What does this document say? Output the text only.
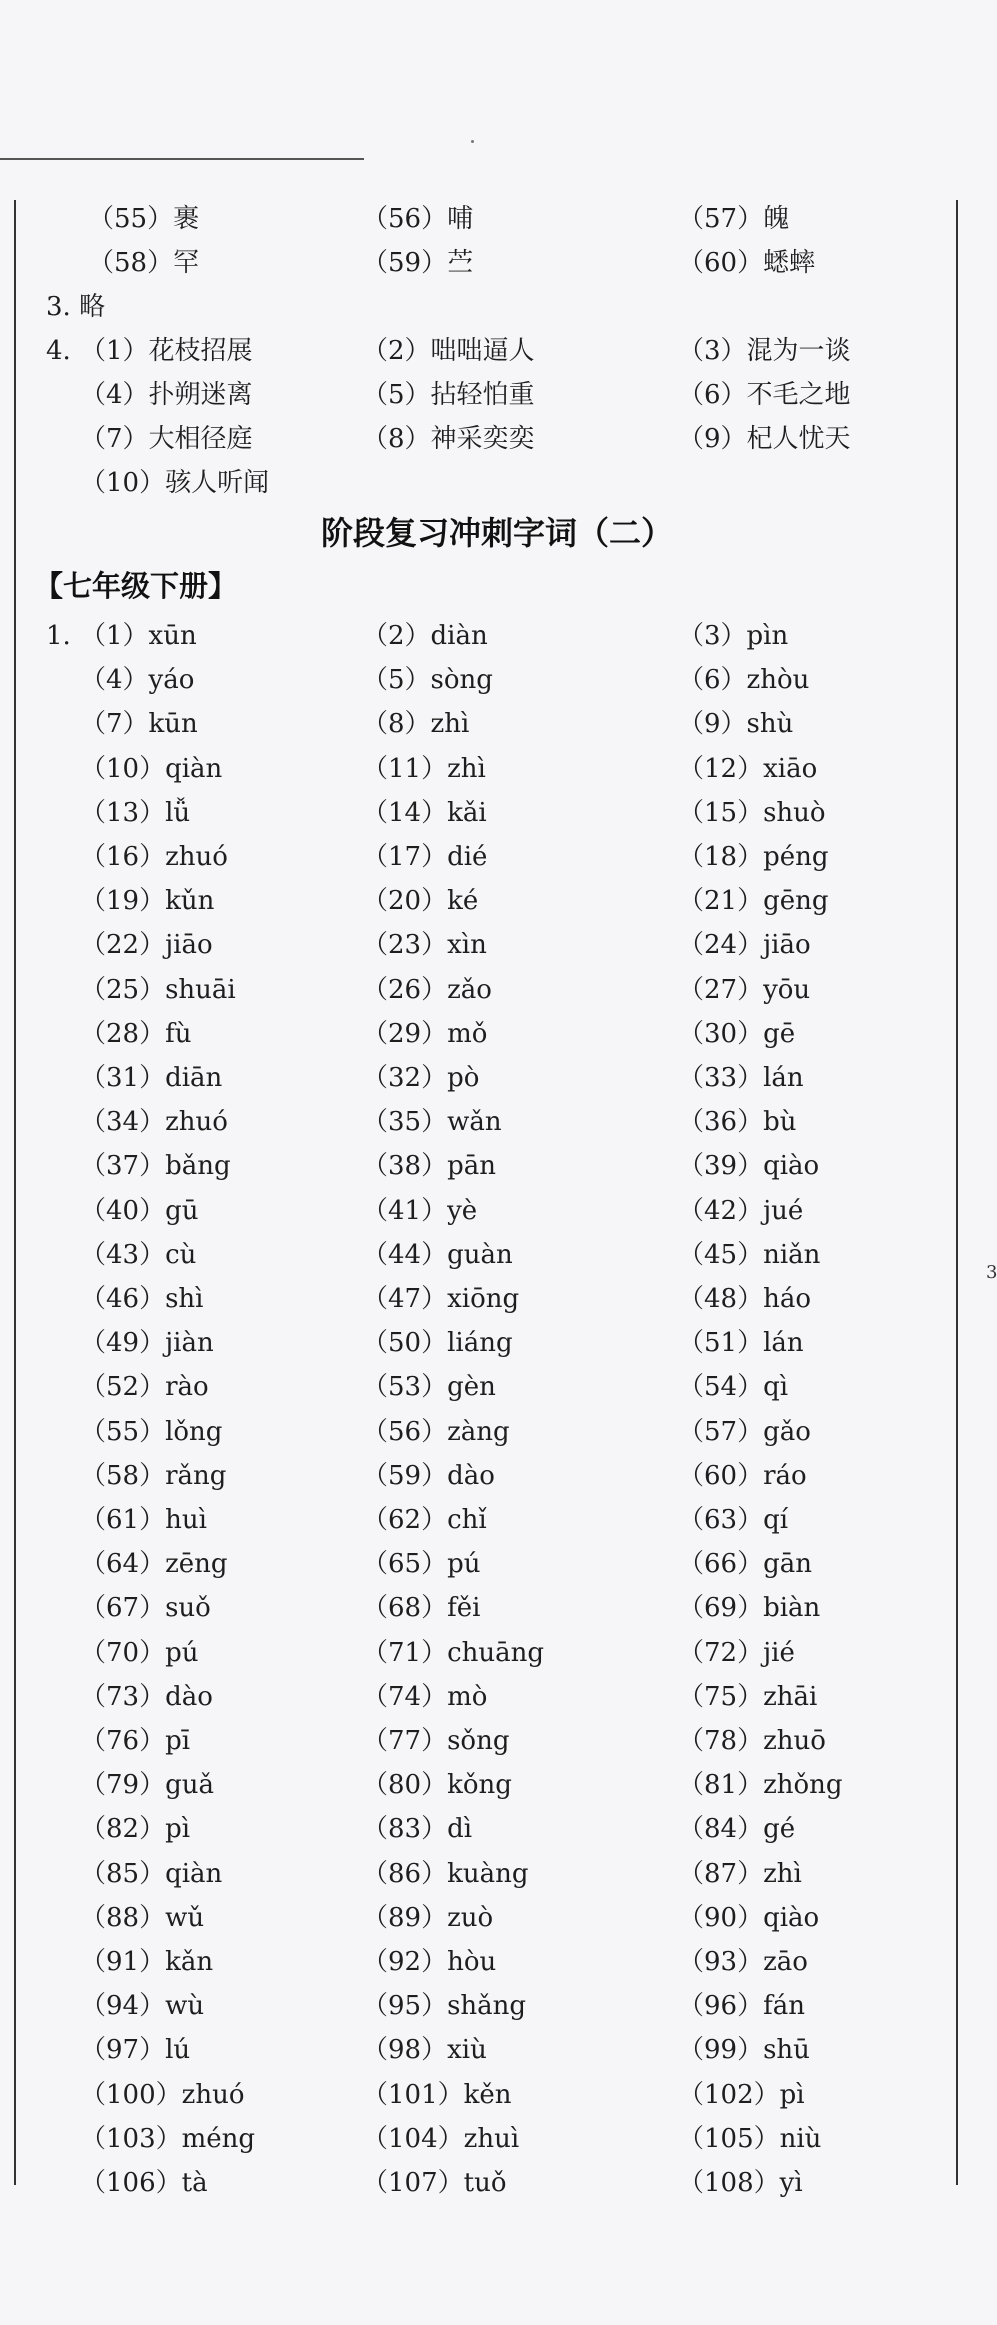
（55）裹	（56）哺	（57）魄
（58）罕	（59）苎	（60）蟋蟀
3. 略
4. （1）花枝招展	（2）咄咄逼人	（3）混为一谈
（4）扑朔迷离	（5）拈轻怕重	（6）不毛之地
（7）大相径庭	（8）神采奕奕	（9）杞人忧天
（10）骇人听闻
阶段复习冲刺字词（二）
【七年级下册】
1. （1）xūn	（2）diàn	（3）pìn
（4）yáo	（5）sòng	（6）zhòu
（7）kūn	（8）zhì	（9）shù
（10）qiàn	（11）zhì	（12）xiāo
（13）lǚ	（14）kǎi	（15）shuò
（16）zhuó	（17）dié	（18）péng
（19）kǔn	（20）ké	（21）gēng
（22）jiāo	（23）xìn	（24）jiāo
（25）shuāi	（26）zǎo	（27）yōu
（28）fù	（29）mǒ	（30）gē
（31）diān	（32）pò	（33）lán
（34）zhuó	（35）wǎn	（36）bù
（37）bǎng	（38）pān	（39）qiào
（40）gū	（41）yè	（42）jué
（43）cù	（44）guàn	（45）niǎn
（46）shì	（47）xiōng	（48）háo
（49）jiàn	（50）liáng	（51）lán
（52）rào	（53）gèn	（54）qì
（55）lǒng	（56）zàng	（57）gǎo
（58）rǎng	（59）dào	（60）ráo
（61）huì	（62）chǐ	（63）qí
（64）zēng	（65）pú	（66）gān
（67）suǒ	（68）fěi	（69）biàn
（70）pú	（71）chuāng	（72）jié
（73）dào	（74）mò	（75）zhāi
（76）pī	（77）sǒng	（78）zhuō
（79）guǎ	（80）kǒng	（81）zhǒng
（82）pì	（83）dì	（84）gé
（85）qiàn	（86）kuàng	（87）zhì
（88）wǔ	（89）zuò	（90）qiào
（91）kǎn	（92）hòu	（93）zāo
（94）wù	（95）shǎng	（96）fán
（97）lú	（98）xiù	（99）shū
（100）zhuó	（101）kěn	（102）pì
（103）méng	（104）zhuì	（105）niù
（106）tà	（107）tuǒ	（108）yì
3
